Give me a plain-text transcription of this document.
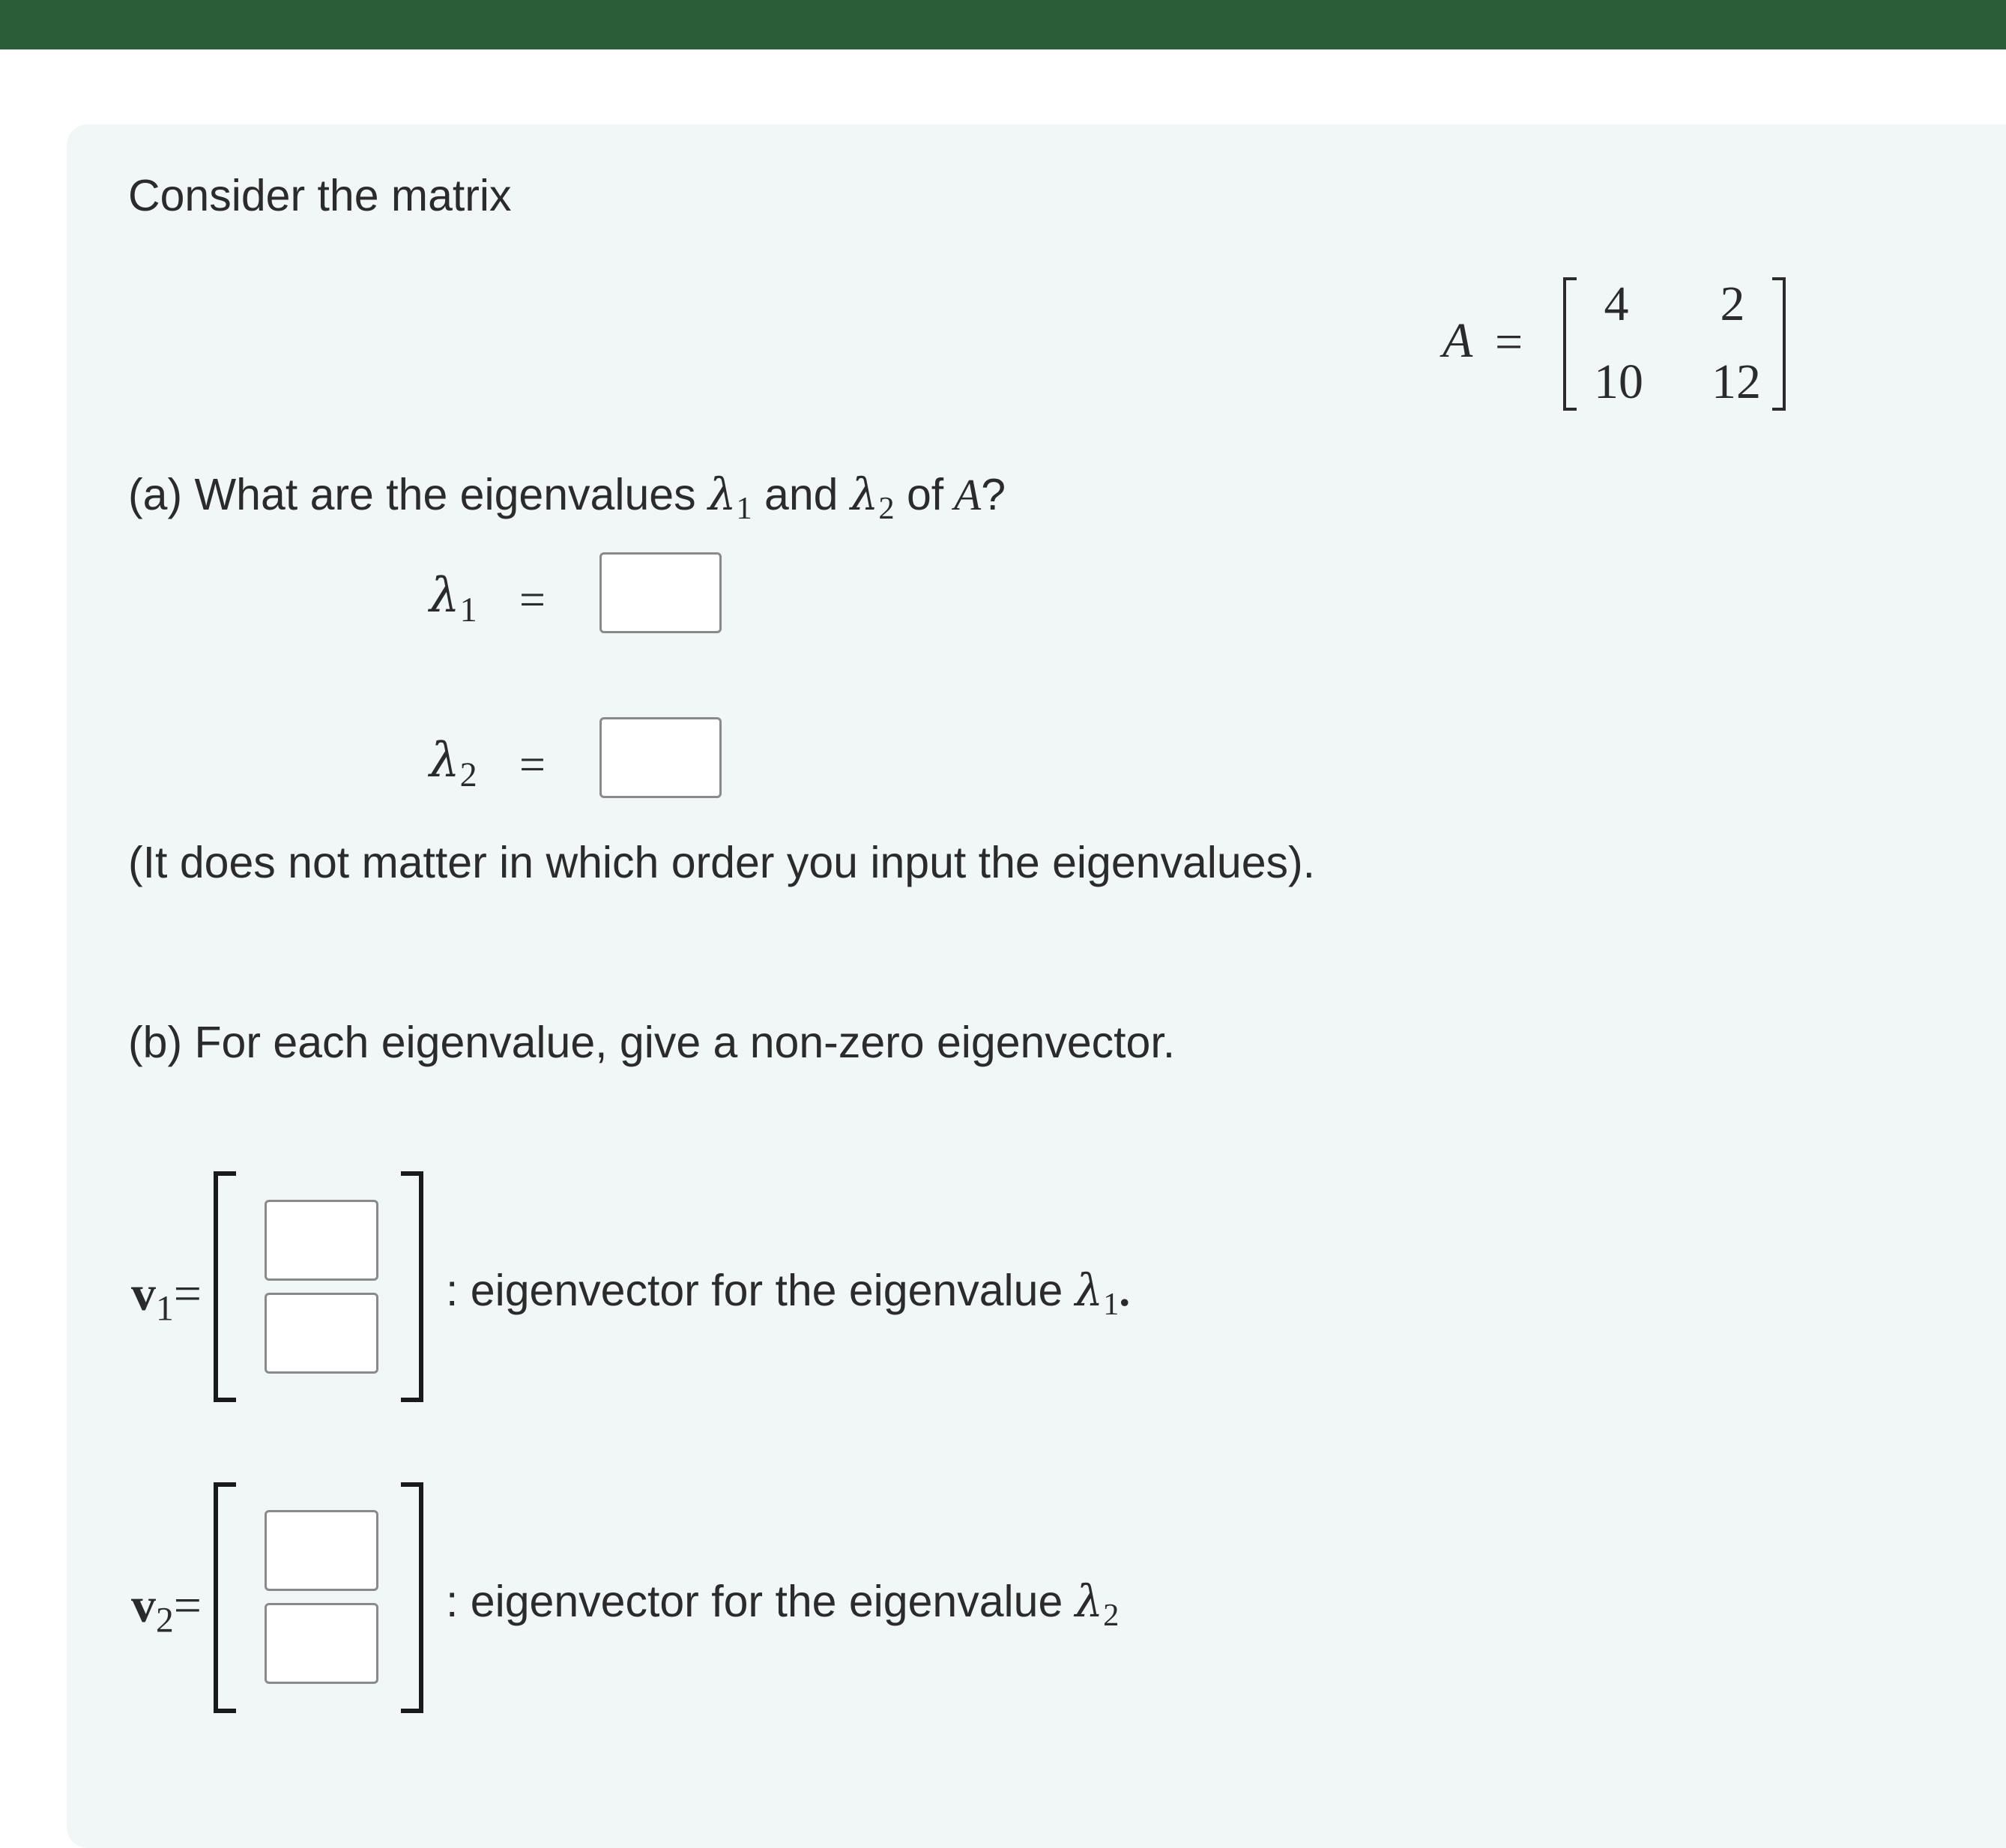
Consider the matrix
A =
4	2
10	12
(a) What are the eigenvalues $\lambda_1$ and $\lambda_2$ of A?
$\lambda_1$ =
$\lambda_2$ =
(It does not matter in which order you input the eigenvalues).
(b) For each eigenvalue, give a non-zero eigenvector.
$v_1=$	: eigenvector for the eigenvalue $\lambda_1$.
$v_2=$	: eigenvector for the eigenvalue $\lambda_2$
